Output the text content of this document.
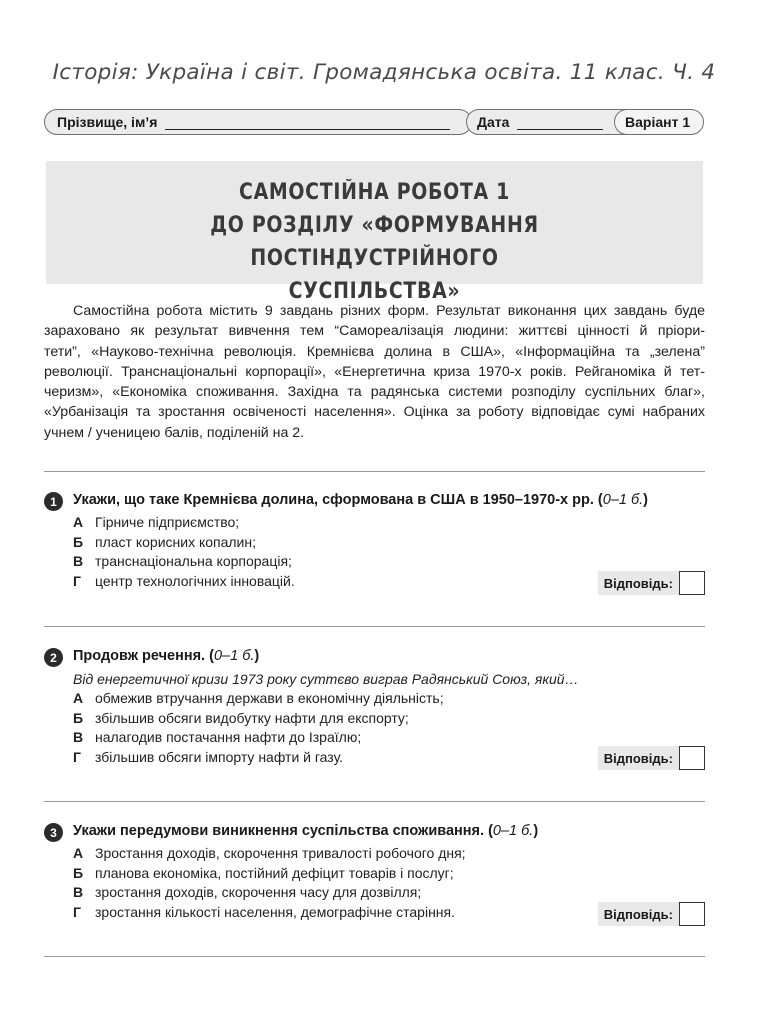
Історія: Україна і світ. Громадянська освіта. 11 клас. Ч. 4
Прізвище, ім’я	Дата	Варіант 1
САМОСТІЙНА РОБОТА 1
ДО РОЗДІЛУ «ФОРМУВАННЯ ПОСТІНДУСТРІЙНОГО
СУСПІЛЬСТВА»
Самостійна робота містить 9 завдань різних форм. Результат виконання цих завдань буде
зараховано як результат вивчення тем “Самореалізація людини: життєві цінності й пріори-
тети”, «Науково-технічна революція. Кремнієва долина в США», «Інформаційна та „зелена”
революції. Транснаціональні корпорації», «Енергетична криза 1970-х років. Рейганоміка й тет-
черизм», «Економіка споживання. Західна та радянська системи розподілу суспільних благ»,
«Урбанізація та зростання освіченості населення». Оцінка за роботу відповідає сумі набраних
учнем / ученицею балів, поділеній на 2.
1	Укажи, що таке Кремнієва долина, сформована в США в 1950–1970-х рр. (0–1 б.)
А Гірниче підприємство;
Б пласт корисних копалин;
В транснаціональна корпорація;
Г	центр технологічних інновацій.	Відповідь:
2	Продовж речення. (0–1 б.)
Від енергетичної кризи 1973 року суттєво виграв Радянський Союз, який…
А обмежив втручання держави в економічну діяльність;
Б збільшив обсяги видобутку нафти для експорту;
В налагодив постачання нафти до Ізраїлю;
Г	збільшив обсяги імпорту нафти й газу.	Відповідь:
3	Укажи передумови виникнення суспільства споживання. (0–1 б.)
А Зростання доходів, скорочення тривалості робочого дня;
Б планова економіка, постійний дефіцит товарів і послуг;
В зростання доходів, скорочення часу для дозвілля;
Г	зростання кількості населення, демографічне старіння.	Відповідь:
